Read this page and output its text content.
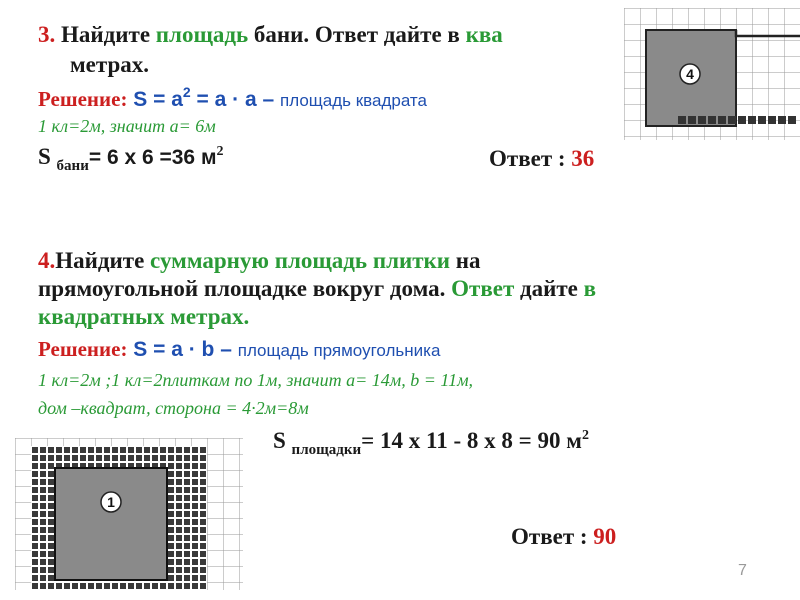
4
3. Найдите площадь бани. Ответ дайте в ква
метрах.
Решение: $S = a^2 = a \cdot a$ – площадь квадрата
1 кл=2м, значит a= 6м
S $_{бани}$= 6 х 6 =36 $м^2$	Ответ : 36
4.Найдите суммарную площадь плитки на
прямоугольной площадке вокруг дома. Ответ дайте в
квадратных метрах.
Решение: S = a · b – площадь прямоугольника
1 кл=2м ;1 кл=2плиткам по 1м, значит a= 14м, b = 11м,
дом –квадрат, сторона = 4·2м=8м
S $_{площадки}$= 14 х 11 - 8 х 8 = 90 $м^2$
Ответ : 90
1
7
